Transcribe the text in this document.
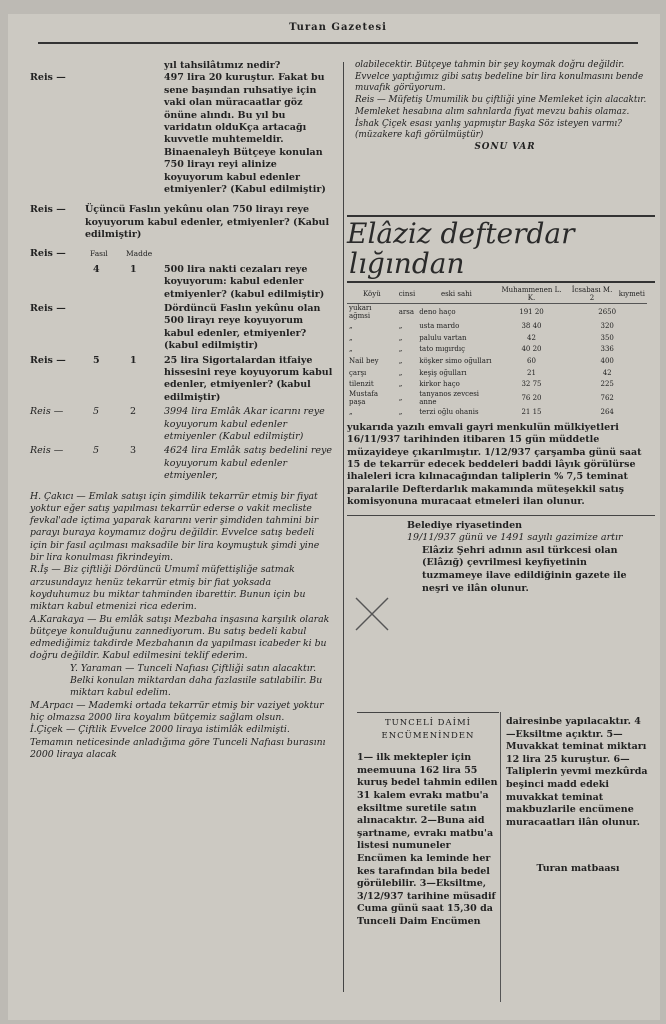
Turan Gazetesi
yıl tahsilâtımız nedir?
Reis —	497 lira 20 kuruştur. Fakat bu sene başından ruhsatiye için vaki olan müracaatlar göz önüne alındı. Bu yıl bu varidatın olduKça artacağı kuvvetle muhtemeldir. Binaenaleyh Bütçeye konulan 750 lirayı reyi alinize koyuyorum kabul edenler etmiyenler? (Kabul edilmiştir)
Reis — Üçüncü Faslın yekûnu olan 750 lirayı reye koyuyorum kabul edenler, etmiyenler? (Kabul edilmiştir)
Reis —	Fasıl Madde
4	1	500 lira nakti cezaları reye koyuyorum: kabul edenler etmiyenler? (kabul edilmiştir)
Reis —	Dördüncü Faslın yekûnu olan 500 lirayı reye koyuyorum kabul edenler, etmiyenler? (kabul edilmiştir)
Reis —	5	1	25 lira Sigortalardan itfaiye hissesini reye koyuyorum kabul edenler, etmiyenler? (kabul edilmiştir)
Reis —	5	2	3994 lira Emlâk Akar icarını reye koyuyorum kabul edenler etmiyenler (Kabul edilmiştir)
Reis —	5	3	4624 lira Emlâk satış bedelini reye koyuyorum kabul edenler etmiyenler,
H. Çakıcı — Emlak satışı için şimdilik tekarrür etmiş bir fiyat yoktur eğer satış yapılması tekarrür ederse o vakit mecliste fevkal'ade içtima yaparak kararını verir şimdiden tahmini bir parayı buraya koymamız doğru değildir. Evvelce satış bedeli için bir fasıl açılması maksadile bir lira koymuştuk şimdi yine bir lira konulması fikrindeyim.
R.İş — Biz çiftliği Dördüncü Umumî müfettişliğe satmak arzusundayız henüz tekarrür etmiş bir fiat yoksada koyduhumuz bu miktar tahminden ibarettir. Bunun için bu miktarı kabul etmenizi rica ederim.
A.Karakaya — Bu emlâk satışı Mezbaha inşasına karşılık olarak bütçeye konulduğunu zannediyorum. Bu satış bedeli kabul edmediğimiz takdirde Mezbahanın da yapılması icabeder ki bu doğru değildir. Kabul edilmesini teklif ederim.
Y. Yaraman — Tunceli Nafıası Çiftliği satın alacaktır. Belki konulan miktardan daha fazlasıile satılabilir. Bu miktarı kabul edelim.
M.Arpacı — Mademki ortada tekarrür etmiş bir vaziyet yoktur hiç olmazsa 2000 lira koyalım bütçemiz sağlam olsun.
İ.Çiçek — Çiftlik Evvelce 2000 liraya istimlâk edilmişti. Temamın neticesinde anladığıma göre Tunceli Nafıası burasını 2000 liraya alacak
olabilecektir. Bütçeye tahmin bir şey koymak doğru değildir. Evvelce yaptığımız gibi satış bedeline bir lira konulmasını bende muvafık görüyorum.
Reis — Müfetiş Umumilik bu çiftliği yine Memleket için alacaktır. Memleket hesabına alım sahnlarda fiyat mevzu bahis olamaz. İshak Çiçek esası yanlış yapmıştır Başka Söz isteyen varmı? (müzakere kafi görülmüştür)
SONU VAR
Elâziz defterdar
lığından
Köyü	cinsi	eski sahi	Muhammenen L. K.	İcsabası M. 2	kıymeti
yukarı ağmsi	arsa	deno haço	191 20	2650	
„	„	usta mardo	38 40	320	
„	„	palulu vartan	42	350	
„	„	tato mıgırdıç	40 20	336	
Nail bey	„	köşker simo oğulları	60	400	
çarşı	„	keşiş oğulları	21	42	
tilenzit	„	kirkor haço	32 75	225	
Mustafa paşa	„	tanyanos zevcesi anne	76 20	762	
„	„	terzi oğlu ohanis	21 15	264	
yukarıda yazılı emvali gayri menkulün mülkiyetleri 16/11/937 tarihinden itibaren 15 gün müddetle müzayideye çıkarılmıştır. 1/12/937 çarşamba günü saat 15 de tekarrür edecek beddeleri baddi lâyık görülürse ihaleleri icra kılınacağından taliplerin % 7,5 teminat paralarile Defterdarlık makamında müteşekkil satış komisyonuna muracaat etmeleri ilan olunur.
Belediye riyasetinden
19/11/937 günü ve 1491 sayılı gazimize artır
Elâziz Şehri adının asıl türkcesi olan (Elâzığ) çevrilmesi keyfiyetinin tuzmameye ilave edildiğinin gazete ile neşri ve ilân olunur.
TUNCELİ DAİMİ ENCÜMENİNDEN
1— ilk mektepler için meemuuna 162 lira 55 kuruş bedel tahmin edilen 31 kalem evrakı matbu'a eksiltme suretile satın alınacaktır. 2—Buna aid şartname, evrakı matbu'a listesi numuneler Encümen ka leminde her kes tarafından bila bedel görülebilir. 3—Eksiltme, 3/12/937 tarihine müsadif Cuma günü saat 15,30 da Tunceli Daim Encümen
dairesinbe yapılacaktır. 4—Eksiltme açıktır. 5—Muvakkat teminat miktarı 12 lira 25 kuruştur. 6— Taliplerin yevmi mezkûrda beşinci madd edeki muvakkat teminat makbuzlarile encümene muracaatları ilân olunur.
Turan matbaası
